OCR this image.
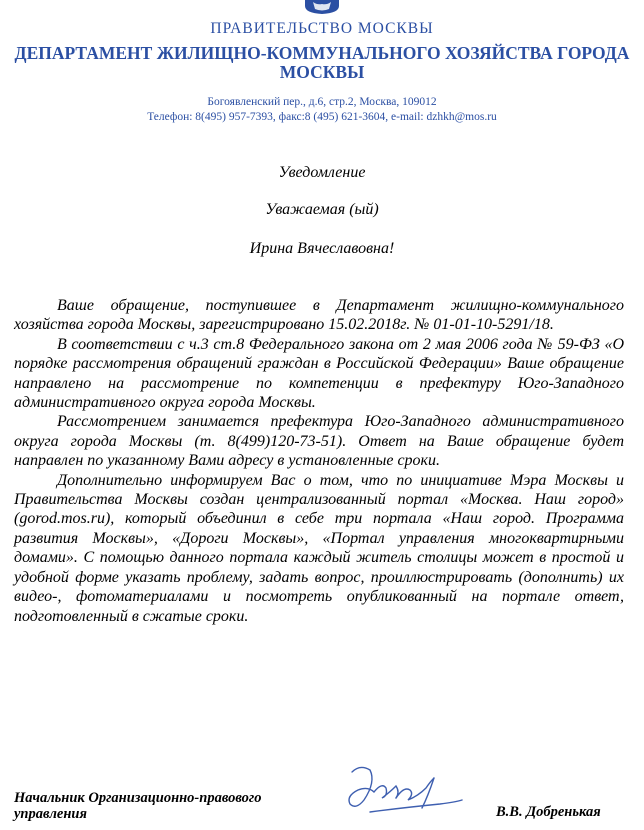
ПРАВИТЕЛЬСТВО МОСКВЫ
ДЕПАРТАМЕНТ ЖИЛИЩНО-КОММУНАЛЬНОГО ХОЗЯЙСТВА ГОРОДА
МОСКВЫ
Богоявленский пер., д.6, стр.2, Москва, 109012
Телефон: 8(495) 957-7393, факс:8 (495) 621-3604, e-mail: dzhkh@mos.ru
Уведомление
Уважаемая (ый)
Ирина Вячеславовна!

Ваше обращение, поступившее в Департамент жилищно-коммунального хозяйства города Москвы, зарегистрировано 15.02.2018г. № 01-01-10-5291/18.

В соответствии с ч.3 ст.8 Федерального закона от 2 мая 2006 года № 59-ФЗ «О порядке рассмотрения обращений граждан в Российской Федерации» Ваше обращение направлено на рассмотрение по компетенции в префектуру Юго-Западного административного округа города Москвы.

Рассмотрением занимается префектура Юго-Западного административного округа города Москвы (т. 8(499)120-73-51). Ответ на Ваше обращение будет направлен по указанному Вами адресу в установленные сроки.

Дополнительно информируем Вас о том, что по инициативе Мэра Москвы и Правительства Москвы создан централизованный портал «Москва. Наш город» (gorod.mos.ru), который объединил в себе три портала «Наш город. Программа развития Москвы», «Дороги Москвы», «Портал управления многоквартирными домами». С помощью данного портала каждый житель столицы может в простой и удобной форме указать проблему, задать вопрос, проиллюстрировать (дополнить) их видео-, фотоматериалами и посмотреть опубликованный на портале ответ, подготовленный в сжатые сроки.

Начальник Организационно-правового
управления	В.В. Добренькая
